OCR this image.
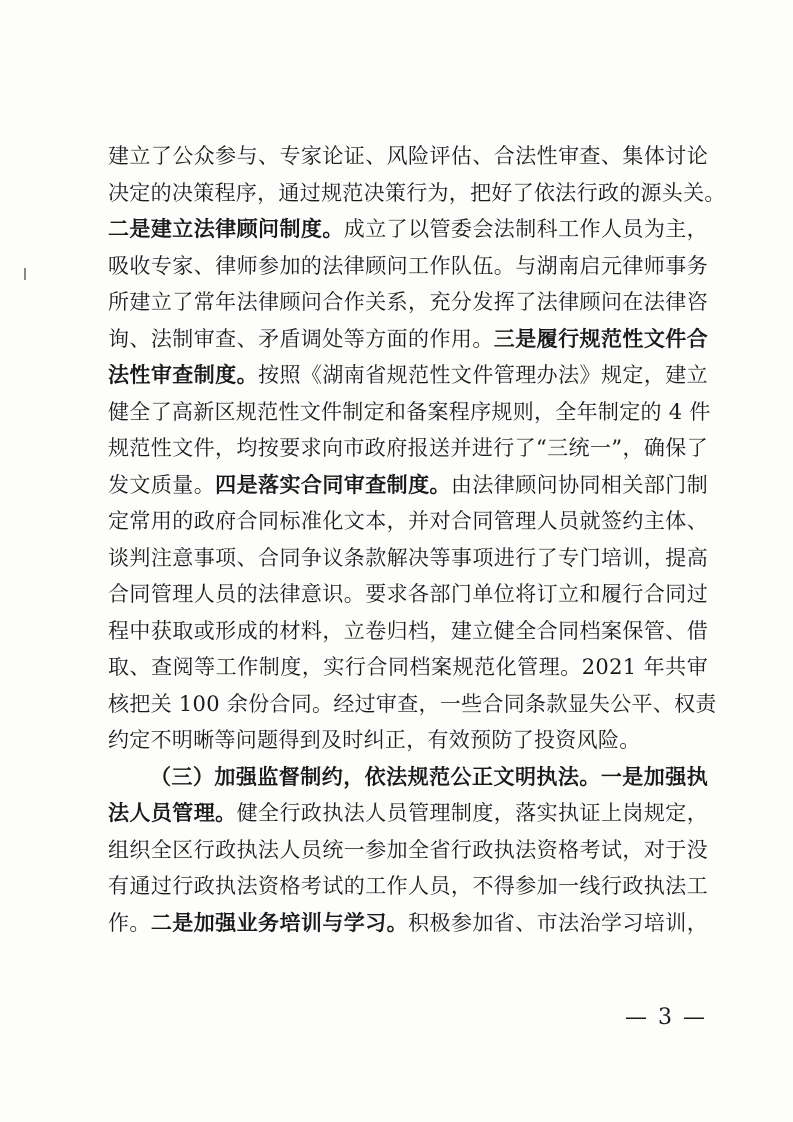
建立了公众参与、专家论证、风险评估、合法性审查、集体讨论
决定的决策程序，通过规范决策行为，把好了依法行政的源头关。
二是建立法律顾问制度。成立了以管委会法制科工作人员为主，
吸收专家、律师参加的法律顾问工作队伍。与湖南启元律师事务
所建立了常年法律顾问合作关系，充分发挥了法律顾问在法律咨
询、法制审查、矛盾调处等方面的作用。三是履行规范性文件合
法性审查制度。按照《湖南省规范性文件管理办法》规定，建立
健全了高新区规范性文件制定和备案程序规则，全年制定的 4 件
规范性文件，均按要求向市政府报送并进行了“三统一”，确保了
发文质量。四是落实合同审查制度。由法律顾问协同相关部门制
定常用的政府合同标准化文本，并对合同管理人员就签约主体、
谈判注意事项、合同争议条款解决等事项进行了专门培训，提高
合同管理人员的法律意识。要求各部门单位将订立和履行合同过
程中获取或形成的材料，立卷归档，建立健全合同档案保管、借
取、查阅等工作制度，实行合同档案规范化管理。2021 年共审
核把关 100 余份合同。经过审查，一些合同条款显失公平、权责
约定不明晰等问题得到及时纠正，有效预防了投资风险。
（三）加强监督制约，依法规范公正文明执法。一是加强执
法人员管理。健全行政执法人员管理制度，落实执证上岗规定，
组织全区行政执法人员统一参加全省行政执法资格考试，对于没
有通过行政执法资格考试的工作人员，不得参加一线行政执法工
作。二是加强业务培训与学习。积极参加省、市法治学习培训，
— 3 —
